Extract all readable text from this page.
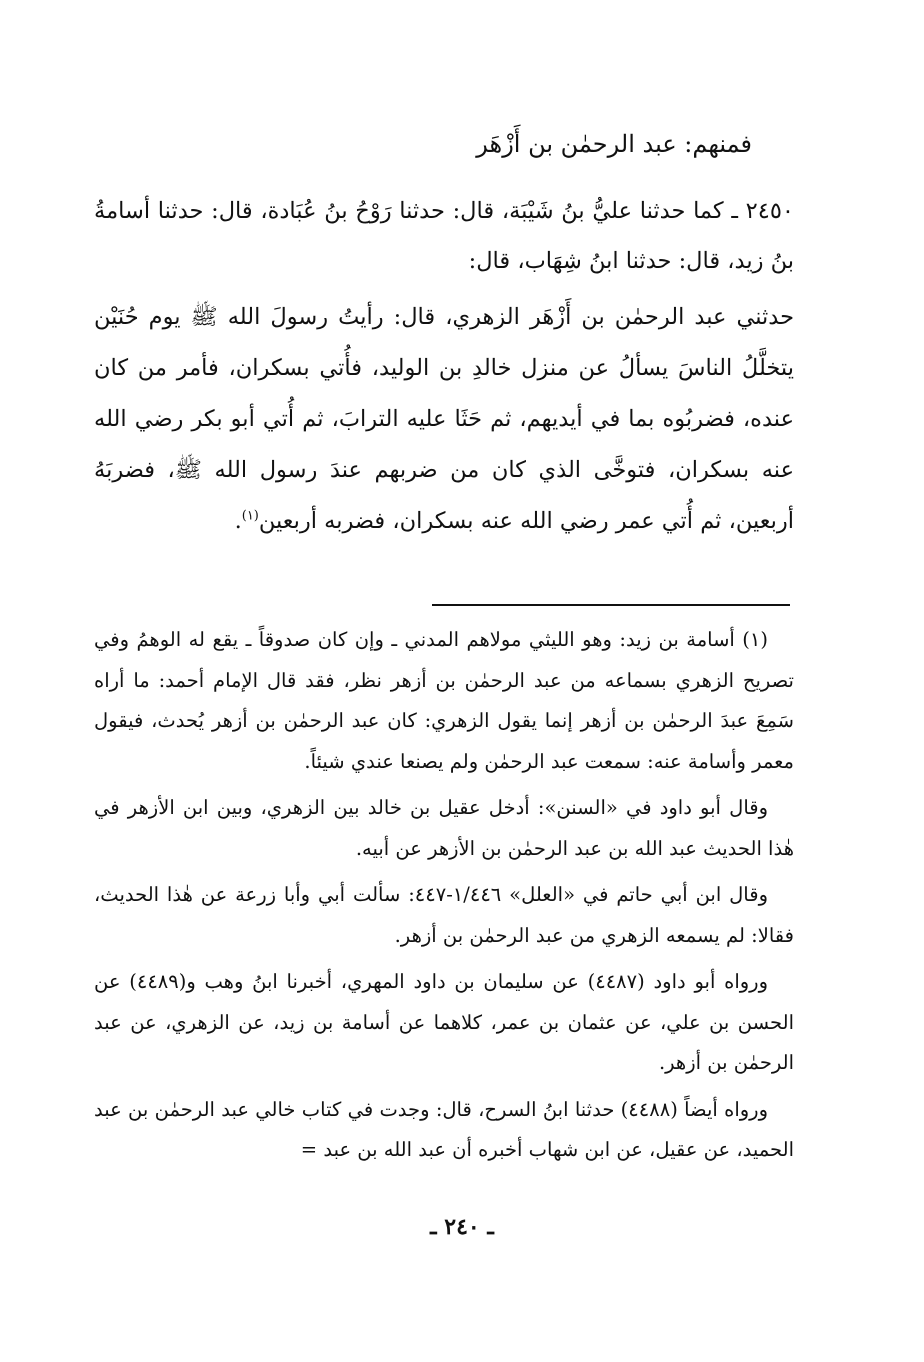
فمنهم: عبد الرحمٰن بن أَزْهَر

٢٤٥٠ ـ كما حدثنا عليُّ بنُ شَيْبَة، قال: حدثنا رَوْحُ بنُ عُبَادة، قال: حدثنا أسامةُ بنُ زيد، قال: حدثنا ابنُ شِهَاب، قال:

حدثني عبد الرحمٰن بن أَزْهَر الزهري، قال: رأيتُ رسولَ الله ﷺ يوم حُنَيْن يتخلَّلُ الناسَ يسألُ عن منزل خالدِ بن الوليد، فأُتي بسكران، فأمر من كان عنده، فضربُوه بما في أيديهم، ثم حَثَا عليه الترابَ، ثم أُتي أبو بكر رضي الله عنه بسكران، فتوخَّى الذي كان من ضربهم عندَ رسول الله ﷺ، فضربَهُ أربعين، ثم أُتي عمر رضي الله عنه بسكران، فضربه أربعين$^{(١)}$.

(١) أسامة بن زيد: وهو الليثي مولاهم المدني ـ وإن كان صدوقاً ـ يقع له الوهمُ وفي تصريح الزهري بسماعه من عبد الرحمٰن بن أزهر نظر، فقد قال الإمام أحمد: ما أراه سَمِعَ عبدَ الرحمٰن بن أزهر إنما يقول الزهري: كان عبد الرحمٰن بن أزهر يُحدث، فيقول معمر وأسامة عنه: سمعت عبد الرحمٰن ولم يصنعا عندي شيئاً.

وقال أبو داود في «السنن»: أدخل عقيل بن خالد بين الزهري، وبين ابن الأزهر في هٰذا الحديث عبد الله بن عبد الرحمٰن بن الأزهر عن أبيه.

وقال ابن أبي حاتم في «العلل» ١/٤٤٦-٤٤٧: سألت أبي وأبا زرعة عن هٰذا الحديث، فقالا: لم يسمعه الزهري من عبد الرحمٰن بن أزهر.

ورواه أبو داود (٤٤٨٧) عن سليمان بن داود المهري، أخبرنا ابنُ وهب و(٤٤٨٩) عن الحسن بن علي، عن عثمان بن عمر، كلاهما عن أسامة بن زيد، عن الزهري، عن عبد الرحمٰن بن أزهر.

ورواه أيضاً (٤٤٨٨) حدثنا ابنُ السرح، قال: وجدت في كتاب خالي عبد الرحمٰن بن عبد الحميد، عن عقيل، عن ابن شهاب أخبره أن عبد الله بن عبد =

ـ ٢٤٠ ـ
